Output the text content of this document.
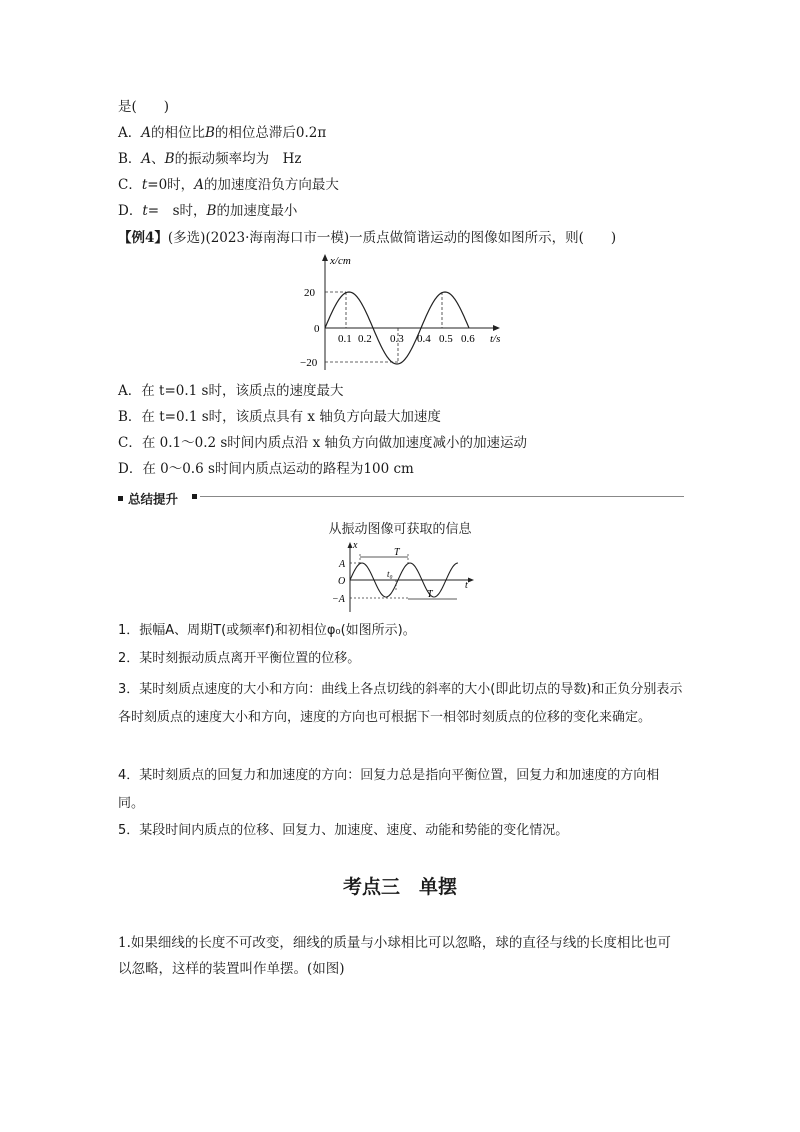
是(　　)
A．A的相位比B的相位总滞后0.2π
B．A、B的振动频率均为　Hz
C．t=0时，A的加速度沿负方向最大
D．t=　s时，B的加速度最小
【例4】(多选)(2023·海南海口市一模)一质点做简谐运动的图像如图所示，则(　　)
x/cm
20
0
−20
0.1 0.2 0.3 0.4 0.5 0.6 t/s
A．在 t=0.1 s时，该质点的速度最大
B．在 t=0.1 s时，该质点具有 x 轴负方向最大加速度
C．在 0.1～0.2 s时间内质点沿 x 轴负方向做加速度减小的加速运动
D．在 0～0.6 s时间内质点运动的路程为100 cm
总结提升
从振动图像可获取的信息
x
A
O
−A
T
t₀
T
t
1．振幅A、周期T(或频率f)和初相位φ₀(如图所示)。
2．某时刻振动质点离开平衡位置的位移。
3．某时刻质点速度的大小和方向：曲线上各点切线的斜率的大小(即此切点的导数)和正负分别表示各时刻质点的速度大小和方向，速度的方向也可根据下一相邻时刻质点的位移的变化来确定。
4．某时刻质点的回复力和加速度的方向：回复力总是指向平衡位置，回复力和加速度的方向相同。
5．某段时间内质点的位移、回复力、加速度、速度、动能和势能的变化情况。
考点三　单摆
1.如果细线的长度不可改变，细线的质量与小球相比可以忽略，球的直径与线的长度相比也可以忽略，这样的装置叫作单摆。(如图)
